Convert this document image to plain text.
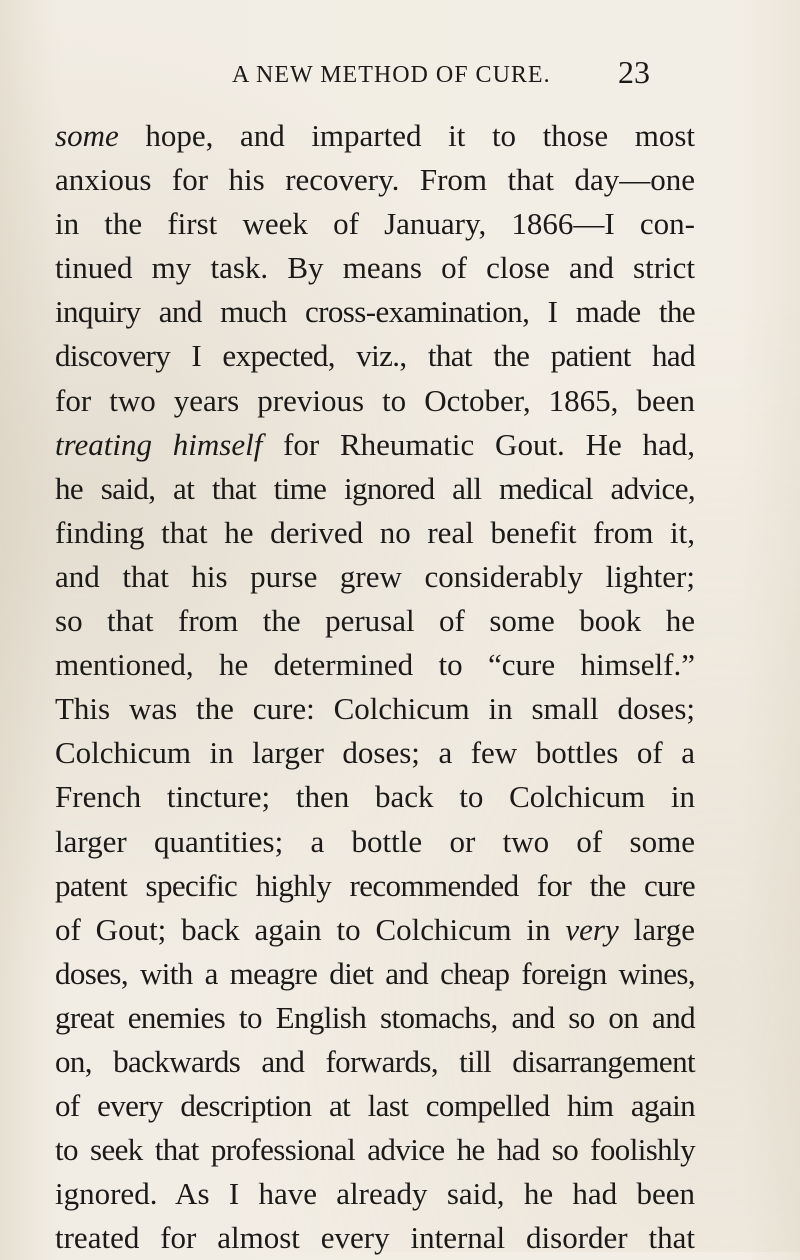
A NEW METHOD OF CURE. 23
some hope, and imparted it to those most
anxious for his recovery. From that day—one
in the first week of January, 1866—I con-
tinued my task. By means of close and strict
inquiry and much cross-examination, I made the
discovery I expected, viz., that the patient had
for two years previous to October, 1865, been
treating himself for Rheumatic Gout. He had,
he said, at that time ignored all medical advice,
finding that he derived no real benefit from it,
and that his purse grew considerably lighter;
so that from the perusal of some book he
mentioned, he determined to “cure himself.”
This was the cure: Colchicum in small doses;
Colchicum in larger doses; a few bottles of a
French tincture; then back to Colchicum in
larger quantities; a bottle or two of some
patent specific highly recommended for the cure
of Gout; back again to Colchicum in very large
doses, with a meagre diet and cheap foreign wines,
great enemies to English stomachs, and so on and
on, backwards and forwards, till disarrangement
of every description at last compelled him again
to seek that professional advice he had so foolishly
ignored. As I have already said, he had been
treated for almost every internal disorder that
